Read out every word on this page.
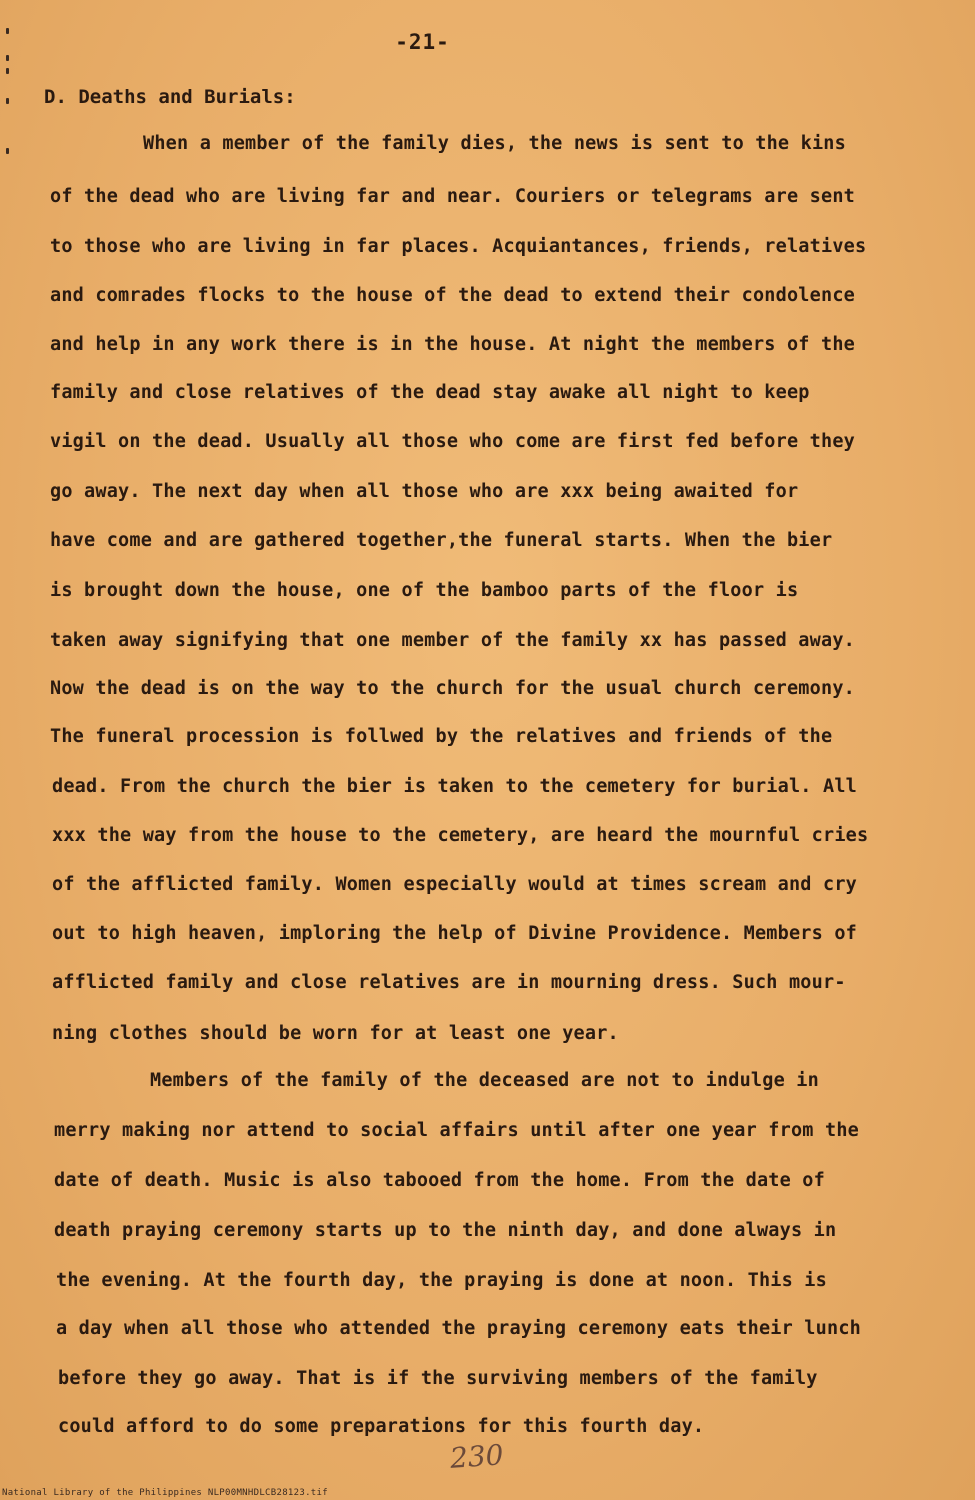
-21-
D. Deaths and Burials:
When a member of the family dies, the news is sent to the kins
of the dead who are living far and near. Couriers or telegrams are sent
to those who are living in far places. Acquiantances, friends, relatives
and comrades flocks to the house of the dead to extend their condolence
and help in any work there is in the house. At night the members of the
family and close relatives of the dead stay awake all night to keep
vigil on the dead. Usually all those who come are first fed before they
go away. The next day when all those who are xxx being awaited for
have come and are gathered together,the funeral starts. When the bier
is brought down the house, one of the bamboo parts of the floor is
taken away signifying that one member of the family xx has passed away.
Now the dead is on the way to the church for the usual church ceremony.
The funeral procession is follwed by the relatives and friends of the
dead. From the church the bier is taken to the cemetery for burial. All
xxx the way from the house to the cemetery, are heard the mournful cries
of the afflicted family. Women especially would at times scream and cry
out to high heaven, imploring the help of Divine Providence. Members of
afflicted family and close relatives are in mourning dress. Such mour-
ning clothes should be worn for at least one year.
Members of the family of the deceased are not to indulge in
merry making nor attend to social affairs until after one year from the
date of death. Music is also tabooed from the home. From the date of
death praying ceremony starts up to the ninth day, and done always in
the evening. At the fourth day, the praying is done at noon. This is
a day when all those who attended the praying ceremony eats their lunch
before they go away. That is if the surviving members of the family
could afford to do some preparations for this fourth day.
230
National Library of the Philippines NLP00MNHDLCB28123.tif
